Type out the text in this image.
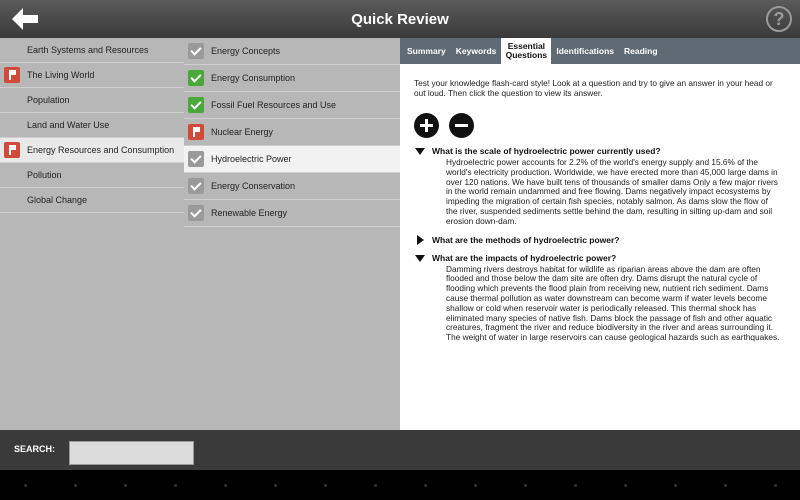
Quick Review	?
Earth Systems and Resources
The Living World
Population
Land and Water Use
Energy Resources and Consumption
Pollution
Global Change
Energy Concepts
Energy Consumption
Fossil Fuel Resources and Use
Nuclear Energy
Hydroelectric Power
Energy Conservation
Renewable Energy
Summary	Keywords	Essential Questions	Identifications	Reading
Test your knowledge flash-card style! Look at a question and try to give an answer in your head or out loud. Then click the question to view its answer.
What is the scale of hydroelectric power currently used?
Hydroelectric power accounts for 2.2% of the world's energy supply and 15.6% of the world's electricity production. Worldwide, we have erected more than 45,000 large dams in over 120 nations. We have built tens of thousands of smaller dams Only a few major rivers in the world remain undammed and free flowing. Dams negatively impact ecosystems by impeding the migration of certain fish species, notably salmon. As dams slow the flow of the river, suspended sediments settle behind the dam, resulting in silting up-dam and soil erosion down-dam.
What are the methods of hydroelectric power?
What are the impacts of hydroelectric power?
Damming rivers destroys habitat for wildlife as riparian areas above the dam are often flooded and those below the dam site are often dry. Dams disrupt the natural cycle of flooding which prevents the flood plain from receiving new, nutrient rich sediment. Dams cause thermal pollution as water downstream can become warm if water levels become shallow or cold when reservoir water is periodically released. This thermal shock has eliminated many species of native fish. Dams block the passage of fish and other aquatic creatures, fragment the river and reduce biodiversity in the river and areas surrounding it. The weight of water in large reservoirs can cause geological hazards such as earthquakes.
SEARCH:
